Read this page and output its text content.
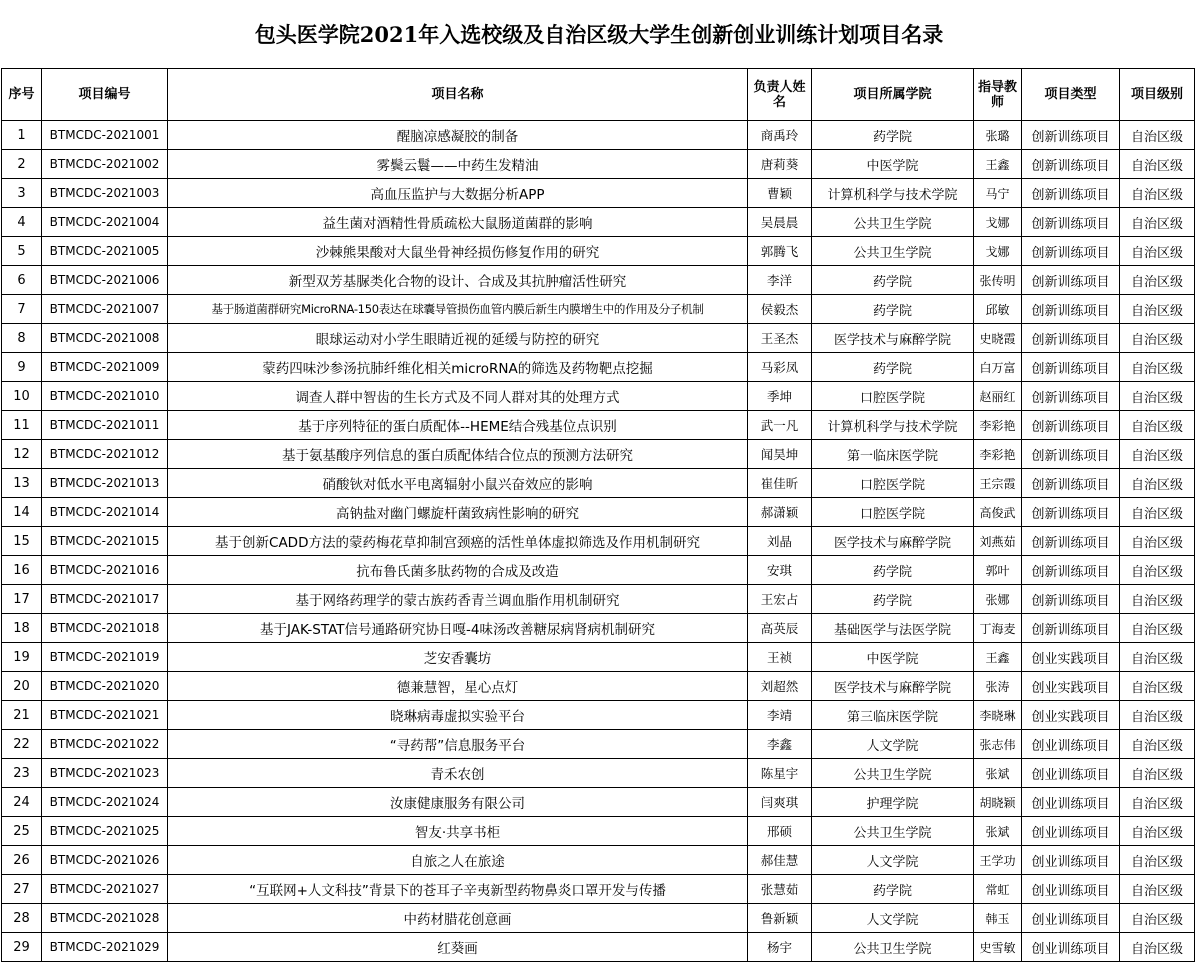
包头医学院2021年入选校级及自治区级大学生创新创业训练计划项目名录
序号	项目编号	项目名称	负责人姓名	项目所属学院	指导教师	项目类型	项目级别
1	BTMCDC-2021001	醒脑凉感凝胶的制备	商禹玲	药学院	张璐	创新训练项目	自治区级
2	BTMCDC-2021002	雾鬓云鬟——中药生发精油	唐莉葵	中医学院	王鑫	创新训练项目	自治区级
3	BTMCDC-2021003	高血压监护与大数据分析APP	曹颖	计算机科学与技术学院	马宁	创新训练项目	自治区级
4	BTMCDC-2021004	益生菌对酒精性骨质疏松大鼠肠道菌群的影响	吴晨晨	公共卫生学院	戈娜	创新训练项目	自治区级
5	BTMCDC-2021005	沙棘熊果酸对大鼠坐骨神经损伤修复作用的研究	郭腾飞	公共卫生学院	戈娜	创新训练项目	自治区级
6	BTMCDC-2021006	新型双芳基脲类化合物的设计、合成及其抗肿瘤活性研究	李洋	药学院	张传明	创新训练项目	自治区级
7	BTMCDC-2021007	基于肠道菌群研究MicroRNA-150表达在球囊导管损伤血管内膜后新生内膜增生中的作用及分子机制	侯毅杰	药学院	邱敏	创新训练项目	自治区级
8	BTMCDC-2021008	眼球运动对小学生眼睛近视的延缓与防控的研究	王圣杰	医学技术与麻醉学院	史晓霞	创新训练项目	自治区级
9	BTMCDC-2021009	蒙药四味沙参汤抗肺纤维化相关microRNA的筛选及药物靶点挖掘	马彩凤	药学院	白万富	创新训练项目	自治区级
10	BTMCDC-2021010	调查人群中智齿的生长方式及不同人群对其的处理方式	季坤	口腔医学院	赵丽红	创新训练项目	自治区级
11	BTMCDC-2021011	基于序列特征的蛋白质配体--HEME结合残基位点识别	武一凡	计算机科学与技术学院	李彩艳	创新训练项目	自治区级
12	BTMCDC-2021012	基于氨基酸序列信息的蛋白质配体结合位点的预测方法研究	闻昊坤	第一临床医学院	李彩艳	创新训练项目	自治区级
13	BTMCDC-2021013	硝酸钬对低水平电离辐射小鼠兴奋效应的影响	崔佳昕	口腔医学院	王宗霞	创新训练项目	自治区级
14	BTMCDC-2021014	高钠盐对幽门螺旋杆菌致病性影响的研究	郝潇颖	口腔医学院	高俊武	创新训练项目	自治区级
15	BTMCDC-2021015	基于创新CADD方法的蒙药梅花草抑制宫颈癌的活性单体虚拟筛选及作用机制研究	刘晶	医学技术与麻醉学院	刘燕茹	创新训练项目	自治区级
16	BTMCDC-2021016	抗布鲁氏菌多肽药物的合成及改造	安琪	药学院	郭叶	创新训练项目	自治区级
17	BTMCDC-2021017	基于网络药理学的蒙古族药香青兰调血脂作用机制研究	王宏占	药学院	张娜	创新训练项目	自治区级
18	BTMCDC-2021018	基于JAK-STAT信号通路研究协日嘎-4味汤改善糖尿病肾病机制研究	高英辰	基础医学与法医学院	丁海麦	创新训练项目	自治区级
19	BTMCDC-2021019	芝安香囊坊	王祯	中医学院	王鑫	创业实践项目	自治区级
20	BTMCDC-2021020	德兼慧智，星心点灯	刘超然	医学技术与麻醉学院	张涛	创业实践项目	自治区级
21	BTMCDC-2021021	晓琳病毒虚拟实验平台	李靖	第三临床医学院	李晓琳	创业实践项目	自治区级
22	BTMCDC-2021022	“寻药帮”信息服务平台	李鑫	人文学院	张志伟	创业训练项目	自治区级
23	BTMCDC-2021023	青禾农创	陈星宇	公共卫生学院	张斌	创业训练项目	自治区级
24	BTMCDC-2021024	汝康健康服务有限公司	闫爽琪	护理学院	胡晓颖	创业训练项目	自治区级
25	BTMCDC-2021025	智友·共享书柜	邢硕	公共卫生学院	张斌	创业训练项目	自治区级
26	BTMCDC-2021026	自旅之人在旅途	郝佳慧	人文学院	王学功	创业训练项目	自治区级
27	BTMCDC-2021027	“互联网+人文科技”背景下的苍耳子辛夷新型药物鼻炎口罩开发与传播	张慧茹	药学院	常虹	创业训练项目	自治区级
28	BTMCDC-2021028	中药材腊花创意画	鲁新颖	人文学院	韩玉	创业训练项目	自治区级
29	BTMCDC-2021029	红葵画	杨宇	公共卫生学院	史雪敏	创业训练项目	自治区级
